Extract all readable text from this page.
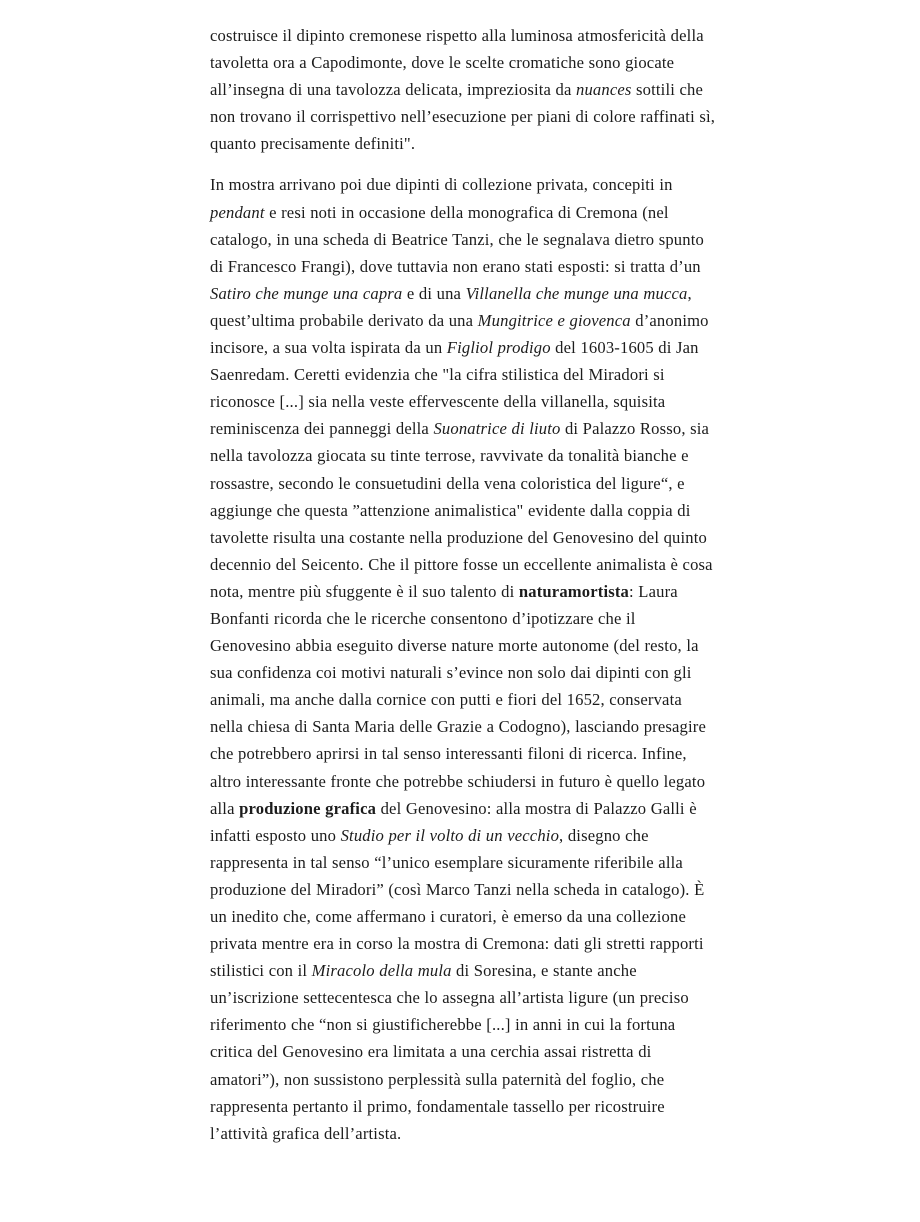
costruisce il dipinto cremonese rispetto alla luminosa atmosfericità della tavoletta ora a Capodimonte, dove le scelte cromatiche sono giocate all’insegna di una tavolozza delicata, impreziosita da nuances sottili che non trovano il corrispettivo nell’esecuzione per piani di colore raffinati sì, quanto precisamente definiti".

In mostra arrivano poi due dipinti di collezione privata, concepiti in pendant e resi noti in occasione della monografica di Cremona (nel catalogo, in una scheda di Beatrice Tanzi, che le segnalava dietro spunto di Francesco Frangi), dove tuttavia non erano stati esposti: si tratta d’un Satiro che munge una capra e di una Villanella che munge una mucca, quest’ultima probabile derivato da una Mungitrice e giovenca d’anonimo incisore, a sua volta ispirata da un Figliol prodigo del 1603-1605 di Jan Saenredam. Ceretti evidenzia che "la cifra stilistica del Miradori si riconosce [...] sia nella veste effervescente della villanella, squisita reminiscenza dei panneggi della Suonatrice di liuto di Palazzo Rosso, sia nella tavolozza giocata su tinte terrose, ravvivate da tonalità bianche e rossastre, secondo le consuetudini della vena coloristica del ligure“, e aggiunge che questa ”attenzione animalistica" evidente dalla coppia di tavolette risulta una costante nella produzione del Genovesino del quinto decennio del Seicento. Che il pittore fosse un eccellente animalista è cosa nota, mentre più sfuggente è il suo talento di naturamortista: Laura Bonfanti ricorda che le ricerche consentono d’ipotizzare che il Genovesino abbia eseguito diverse nature morte autonome (del resto, la sua confidenza coi motivi naturali s’evince non solo dai dipinti con gli animali, ma anche dalla cornice con putti e fiori del 1652, conservata nella chiesa di Santa Maria delle Grazie a Codogno), lasciando presagire che potrebbero aprirsi in tal senso interessanti filoni di ricerca. Infine, altro interessante fronte che potrebbe schiudersi in futuro è quello legato alla produzione grafica del Genovesino: alla mostra di Palazzo Galli è infatti esposto uno Studio per il volto di un vecchio, disegno che rappresenta in tal senso “l’unico esemplare sicuramente riferibile alla produzione del Miradori” (così Marco Tanzi nella scheda in catalogo). È un inedito che, come affermano i curatori, è emerso da una collezione privata mentre era in corso la mostra di Cremona: dati gli stretti rapporti stilistici con il Miracolo della mula di Soresina, e stante anche un’iscrizione settecentesca che lo assegna all’artista ligure (un preciso riferimento che “non si giustificherebbe [...] in anni in cui la fortuna critica del Genovesino era limitata a una cerchia assai ristretta di amatori”), non sussistono perplessità sulla paternità del foglio, che rappresenta pertanto il primo, fondamentale tassello per ricostruire l’attività grafica dell’artista.
